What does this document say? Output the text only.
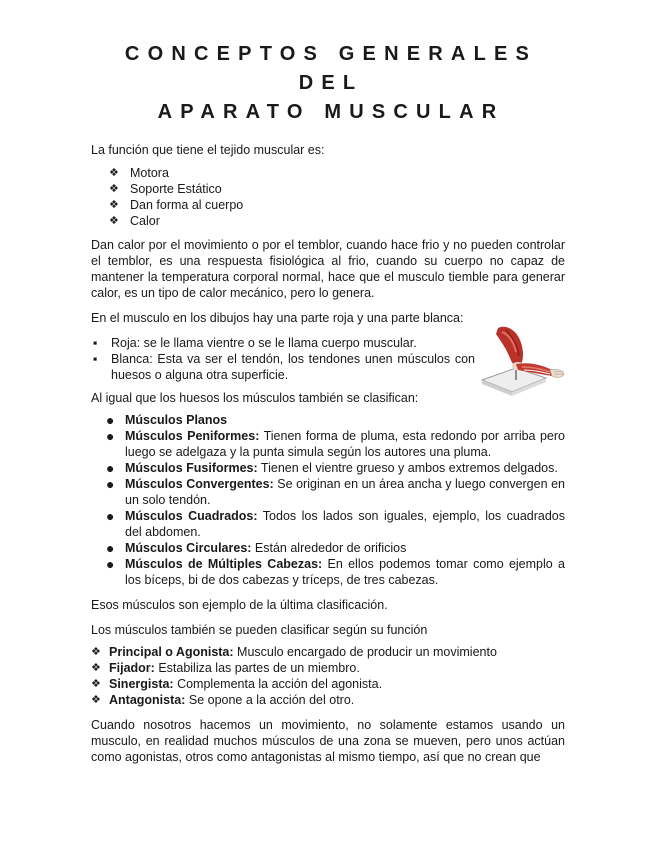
CONCEPTOS GENERALES DEL
APARATO MUSCULAR

La función que tiene el tejido muscular es:

❖ Motora
❖ Soporte Estático
❖ Dan forma al cuerpo
❖ Calor

Dan calor por el movimiento o por el temblor, cuando hace frio y no pueden controlar el temblor, es una respuesta fisiológica al frio, cuando su cuerpo no capaz de mantener la temperatura corporal normal, hace que el musculo tiemble para generar calor, es un tipo de calor mecánico, pero lo genera.

En el musculo en los dibujos hay una parte roja y una parte blanca:

▪ Roja: se le llama vientre o se le llama cuerpo muscular.
▪ Blanca: Esta va ser el tendón, los tendones unen músculos con huesos o alguna otra superficie.

Al igual que los huesos los músculos también se clasifican:

● Músculos Planos
● Músculos Peniformes: Tienen forma de pluma, esta redondo por arriba pero luego se adelgaza y la punta simula según los autores una pluma.
● Músculos Fusiformes: Tienen el vientre grueso y ambos extremos delgados.
● Músculos Convergentes: Se originan en un área ancha y luego convergen en un solo tendón.
● Músculos Cuadrados: Todos los lados son iguales, ejemplo, los cuadrados del abdomen.
● Músculos Circulares: Están alrededor de orificios
● Músculos de Múltiples Cabezas: En ellos podemos tomar como ejemplo a los bíceps, bi de dos cabezas y tríceps, de tres cabezas.

Esos músculos son ejemplo de la última clasificación.

Los músculos también se pueden clasificar según su función

❖ Principal o Agonista: Musculo encargado de producir un movimiento
❖ Fijador: Estabiliza las partes de un miembro.
❖ Sinergista: Complementa la acción del agonista.
❖ Antagonista: Se opone a la acción del otro.

Cuando nosotros hacemos un movimiento, no solamente estamos usando un musculo, en realidad muchos músculos de una zona se mueven, pero unos actúan como agonistas, otros como antagonistas al mismo tiempo, así que no crean que
